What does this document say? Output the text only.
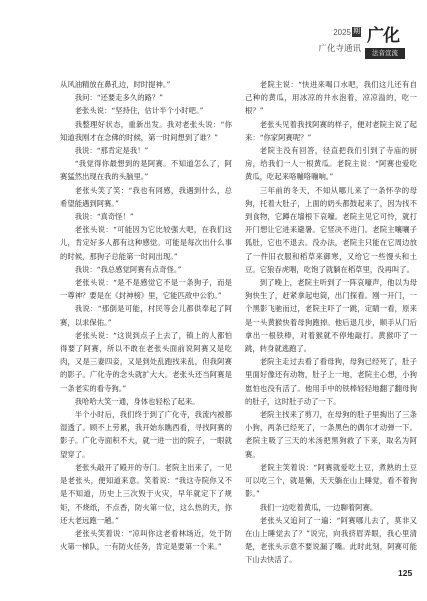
2025 期
广化寺通讯
广化
法音宣流

从风油精放在鼻孔边，时时提神。”

我问：“还要走多久的路？”

老张头说：“坚持住，估计半个小时吧。”

我整理好状态，重新出发。我对老张头说：“你知道我刚才在念佛的时候，第一时间想到了谁？”

我说：“那肯定是我！”

“我觉得你最想到的是阿赛。不知道怎么了，阿赛猛然出现在我的头脑里。”

老张头笑了笑：“我也有同感，我遇到什么，总希望能遇到阿赛。”

我说：“真奇怪！”

老张头说：“可能因为它比较强大吧，在我们这儿，肯定好多人都有这种感觉。可能是每次出什么事的时候，那狗子总能第一时间出现。”

我说：“我总感觉阿赛有点奇怪。”

老张头说：“是不是感觉它不是一条狗子，而是一尊神？要是在《封神榜》里，它能匹敌中公豹。”

我说：“那倒是可能，村民等会儿都供奉起了阿赛，以求保佑。”

老张头说：“这说到点子上去了，镇上的人都怕得要了阿赛，所以不敢在老张头面前说阿赛又是吃肉，又是三妻四妾，又是到处乱跑找来乱，但我阿赛的影子。广化寺的念头就扩大大。老张头还当阿赛是一条老实的看寺狗。”

我哈哈大笑一通，身体也轻松了起来。

半个小时后，我们终于到了广化寺，我流内被都湿透了。顾不上劳累，我开始东瞧西看，寻找阿赛的影子。广化寺面积不大，就一进一出的院子，一眼就望穿了。

老张头敲开了殿开的寺门。老院主出来了，一见是老张头，便知道来意。笑着说：“我这寺院你又不是不知道，历史上三次毁于火灾，早年就定下了规矩，不烧纸，不点香，防火第一位，这么热的天，你还大老远跑一趟。”

老张头笑着说：“凉叫你这老看林场近，处于防火第一梯队，一有防火任务，肯定是要第一个来。”

老院主说：“快进来喝口水吧，我们这儿还有自己种的黄瓜，用冰凉的井水泡着，凉凉溢的，吃一根？”

老张头见着我找阿赛的样子，便对老院主说了起来：“你家阿赛呢？”

老院主没有回答，径直把我们引到了寺庙的厨房，给我们一人一根黄瓜。老院主说：“阿赛也爱吃黄瓜，吃起来咯嘣咯嘣响。”

三年前的冬天，不知从哪儿来了一条怀孕的母狗，托着大肚子，上面的奶头都鼓起来了，因为找不到食物，它蹲在墙根下哀嚎。老院主见它可怜，就打开门想让它进来避暑。它竖决不进门。老院主嚷嚷子狐肚，它也不退去。没办法，老院主只能在它周边放了一件旧衣服和稻草来御寒，又给它一些馒头和土豆。它狼吞虎咽，吃饱了就躺在稻草里，没再叫了。

到了晚上，老院主听到了一阵哀嚎声，他以为母狗快生了，赶紧拿起电筒，出门探看。刚一开门，一个黑影飞驰而过，老院主吓了一跳，定睛一看，原来是一头黄猴快着母狗跑掉。他后退几步，顺手从门后拿出一根铁棒，对着猴就不停地敲打。黄猴吓了一跳，转身就逃跑了。

老院主走过去看了看母狗，母狗已经死了，肚子里面好像还有动物，肚子上一地，老院主心想，小狗崽怕也没有活了。他用手中的铁棒轻轻地翻了翻母狗的肚子，这时肚子动了一下。

老院主找来了剪刀，在母狗的肚子里掏出了三条小狗，两条已经死了，一条黑色的偶尔才动弹一下。老院主吸了三天的米汤把黑狗救了下来，取名为阿赛。

老院主笑着说：“阿赛就爱吃土豆，煮熟的土豆可以吃三个，就是懒，天天躺在山上睡觉，看不着狗影。”

我们一边吃着黄瓜，一边聊着阿赛。

老张头又追问了一遍：“阿赛哪儿去了，莫非又在山上睡觉去了？”说完，向我挤眉弄眼，我心里清楚，老张头示意不要说漏了嘴。此时此刻，阿赛可能下山去快活了。

125
